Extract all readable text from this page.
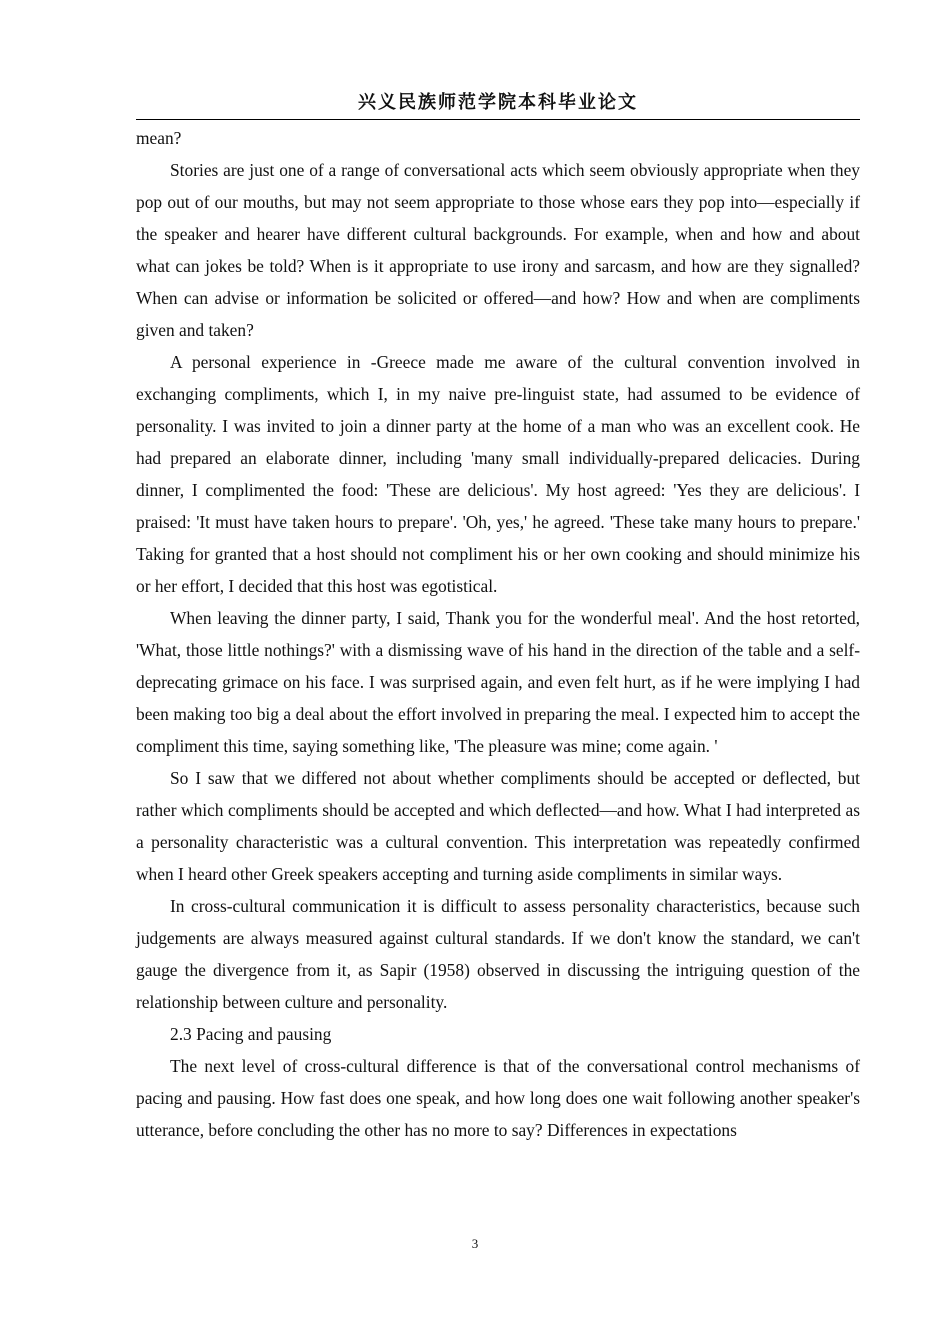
兴义民族师范学院本科毕业论文

mean?

Stories are just one of a range of conversational acts which seem obviously appropriate when they pop out of our mouths, but may not seem appropriate to those whose ears they pop into—especially if the speaker and hearer have different cultural backgrounds. For example, when and how and about what can jokes be told? When is it appropriate to use irony and sarcasm, and how are they signalled? When can advise or information be solicited or offered—and how? How and when are compliments given and taken?

A personal experience in -Greece made me aware of the cultural convention involved in exchanging compliments, which I, in my naive pre-linguist state, had assumed to be evidence of personality. I was invited to join a dinner party at the home of a man who was an excellent cook. He had prepared an elaborate dinner, including 'many small individually-prepared delicacies. During dinner, I complimented the food: 'These are delicious'. My host agreed: 'Yes they are delicious'. I praised: 'It must have taken hours to prepare'. 'Oh, yes,' he agreed. 'These take many hours to prepare.' Taking for granted that a host should not compliment his or her own cooking and should minimize his or her effort, I decided that this host was egotistical.

When leaving the dinner party, I said, Thank you for the wonderful meal'. And the host retorted, 'What, those little nothings?' with a dismissing wave of his hand in the direction of the table and a self-deprecating grimace on his face. I was surprised again, and even felt hurt, as if he were implying I had been making too big a deal about the effort involved in preparing the meal. I expected him to accept the compliment this time, saying something like, 'The pleasure was mine; come again. '

So I saw that we differed not about whether compliments should be accepted or deflected, but rather which compliments should be accepted and which deflected—and how. What I had interpreted as a personality characteristic was a cultural convention. This interpretation was repeatedly confirmed when I heard other Greek speakers accepting and turning aside compliments in similar ways.

In cross-cultural communication it is difficult to assess personality characteristics, because such judgements are always measured against cultural standards. If we don't know the standard, we can't gauge the divergence from it, as Sapir (1958) observed in discussing the intriguing question of the relationship between culture and personality.

2.3 Pacing and pausing

The next level of cross-cultural difference is that of the conversational control mechanisms of pacing and pausing. How fast does one speak, and how long does one wait following another speaker's utterance, before concluding the other has no more to say? Differences in expectations

3
